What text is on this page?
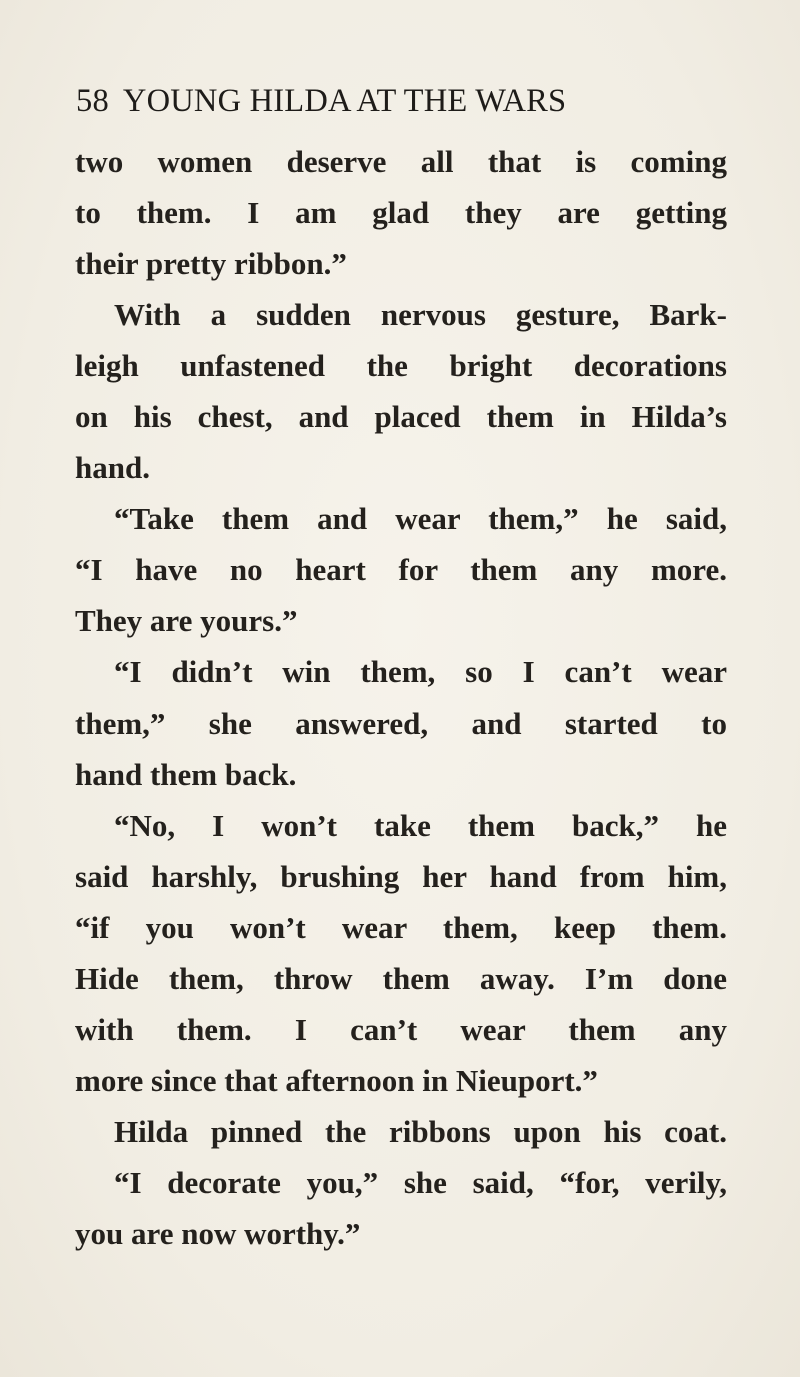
58 YOUNG HILDA AT THE WARS
two women deserve all that is coming
to them. I am glad they are getting
their pretty ribbon.”
With a sudden nervous gesture, Bark-
leigh unfastened the bright decorations
on his chest, and placed them in Hilda’s
hand.
“Take them and wear them,” he said,
“I have no heart for them any more.
They are yours.”
“I didn’t win them, so I can’t wear
them,” she answered, and started to
hand them back.
“No, I won’t take them back,” he
said harshly, brushing her hand from him,
“if you won’t wear them, keep them.
Hide them, throw them away. I’m done
with them. I can’t wear them any
more since that afternoon in Nieuport.”
Hilda pinned the ribbons upon his coat.
“I decorate you,” she said, “for, verily,
you are now worthy.”
